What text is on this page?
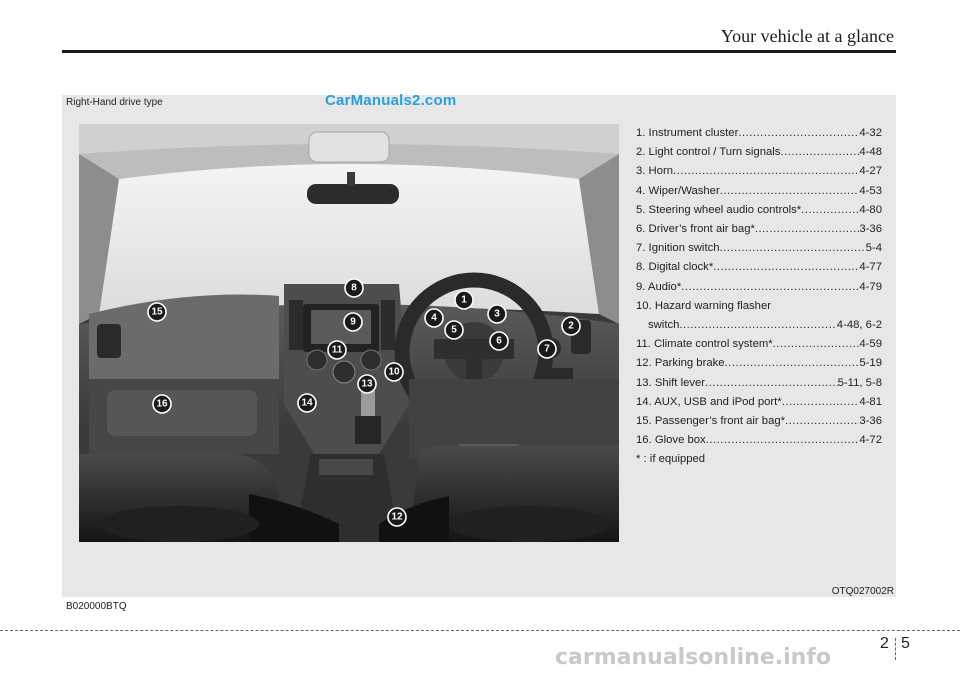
Your vehicle at a glance
Right-Hand drive type	CarManuals2.com
1
2
3
4
5
6
7
8
9
11
10
13
14
15
16
12
1. Instrument cluster .....	4-32
2. Light control / Turn signals .....	4-48
3. Horn .....	4-27
4. Wiper/Washer .....	4-53
5. Steering wheel audio controls* .....	4-80
6. Driver’s front air bag* .....	3-36
7. Ignition switch .....	5-4
8. Digital clock* .....	4-77
9. Audio* .....	4-79
10. Hazard warning flasher
switch .....	4-48, 6-2
11. Climate control system* .....	4-59
12. Parking brake .....	5-19
13. Shift lever .....	5-11, 5-8
14. AUX, USB and iPod port* .....	4-81
15. Passenger’s front air bag* .....	3-36
16. Glove box .....	4-72
* : if equipped
OTQ027002R
B020000BTQ
2 5
carmanualsonline.info
